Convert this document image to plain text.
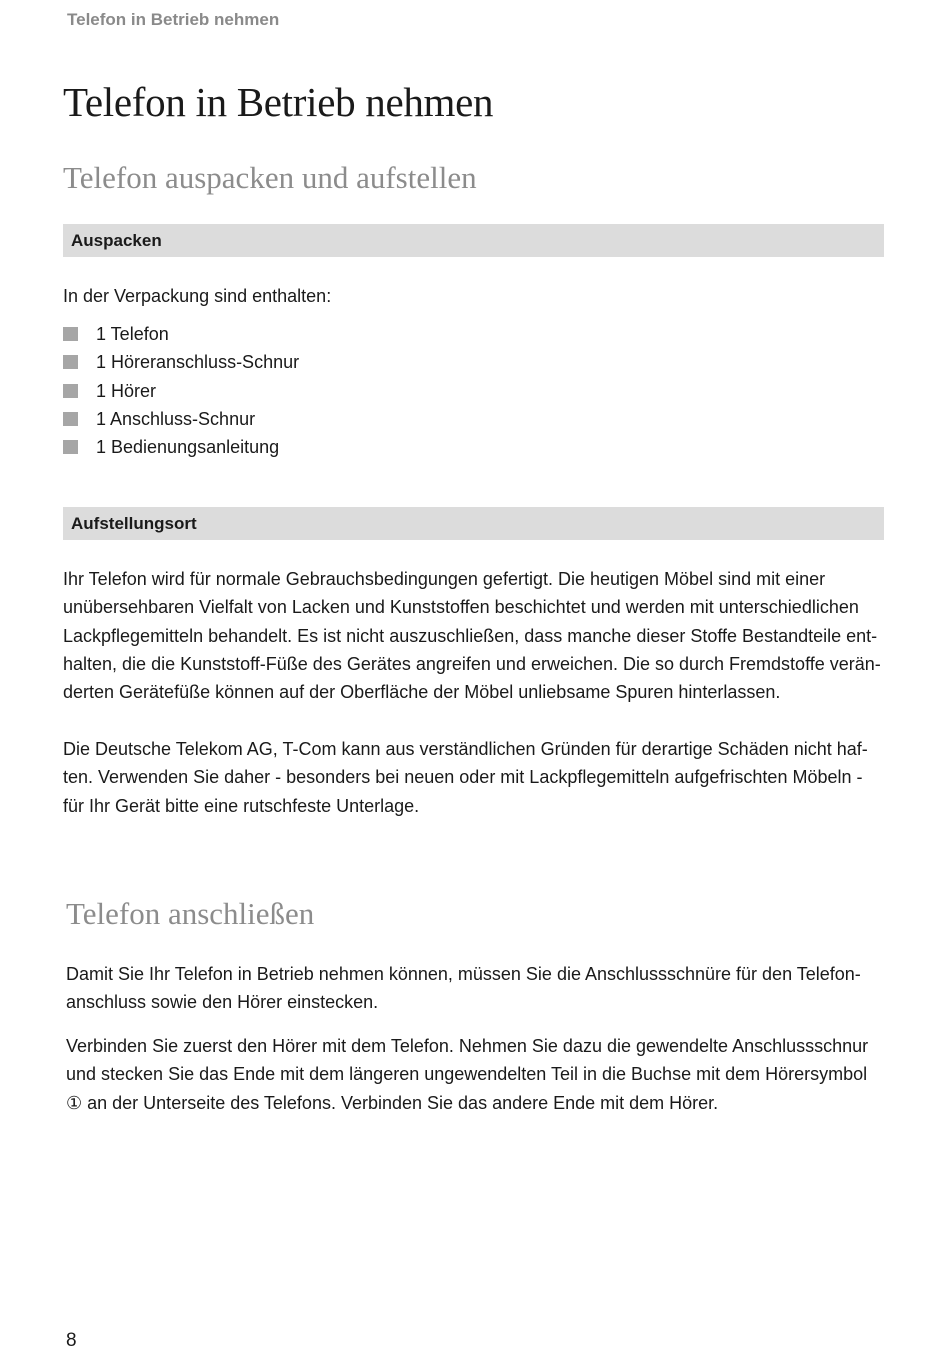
Telefon in Betrieb nehmen
Telefon in Betrieb nehmen
Telefon auspacken und aufstellen
Auspacken

In der Verpackung sind enthalten:

1 Telefon
1 Höreranschluss-Schnur
1 Hörer
1 Anschluss-Schnur
1 Bedienungsanleitung
Aufstellungsort

Ihr Telefon wird für normale Gebrauchsbedingungen gefertigt. Die heutigen Möbel sind mit einer
unübersehbaren Vielfalt von Lacken und Kunststoffen beschichtet und werden mit unterschiedlichen
Lackpflegemitteln behandelt. Es ist nicht auszuschließen, dass manche dieser Stoffe Bestandteile ent-
halten, die die Kunststoff-Füße des Gerätes angreifen und erweichen. Die so durch Fremdstoffe verän-
derten Gerätefüße können auf der Oberfläche der Möbel unliebsame Spuren hinterlassen.

Die Deutsche Telekom AG, T-Com kann aus verständlichen Gründen für derartige Schäden nicht haf-
ten. Verwenden Sie daher - besonders bei neuen oder mit Lackpflegemitteln aufgefrischten Möbeln -
für Ihr Gerät bitte eine rutschfeste Unterlage.

Telefon anschließen

Damit Sie Ihr Telefon in Betrieb nehmen können, müssen Sie die Anschlussschnüre für den Telefon-
anschluss sowie den Hörer einstecken.

Verbinden Sie zuerst den Hörer mit dem Telefon. Nehmen Sie dazu die gewendelte Anschlussschnur
und stecken Sie das Ende mit dem längeren ungewendelten Teil in die Buchse mit dem Hörersymbol
① an der Unterseite des Telefons. Verbinden Sie das andere Ende mit dem Hörer.

8
